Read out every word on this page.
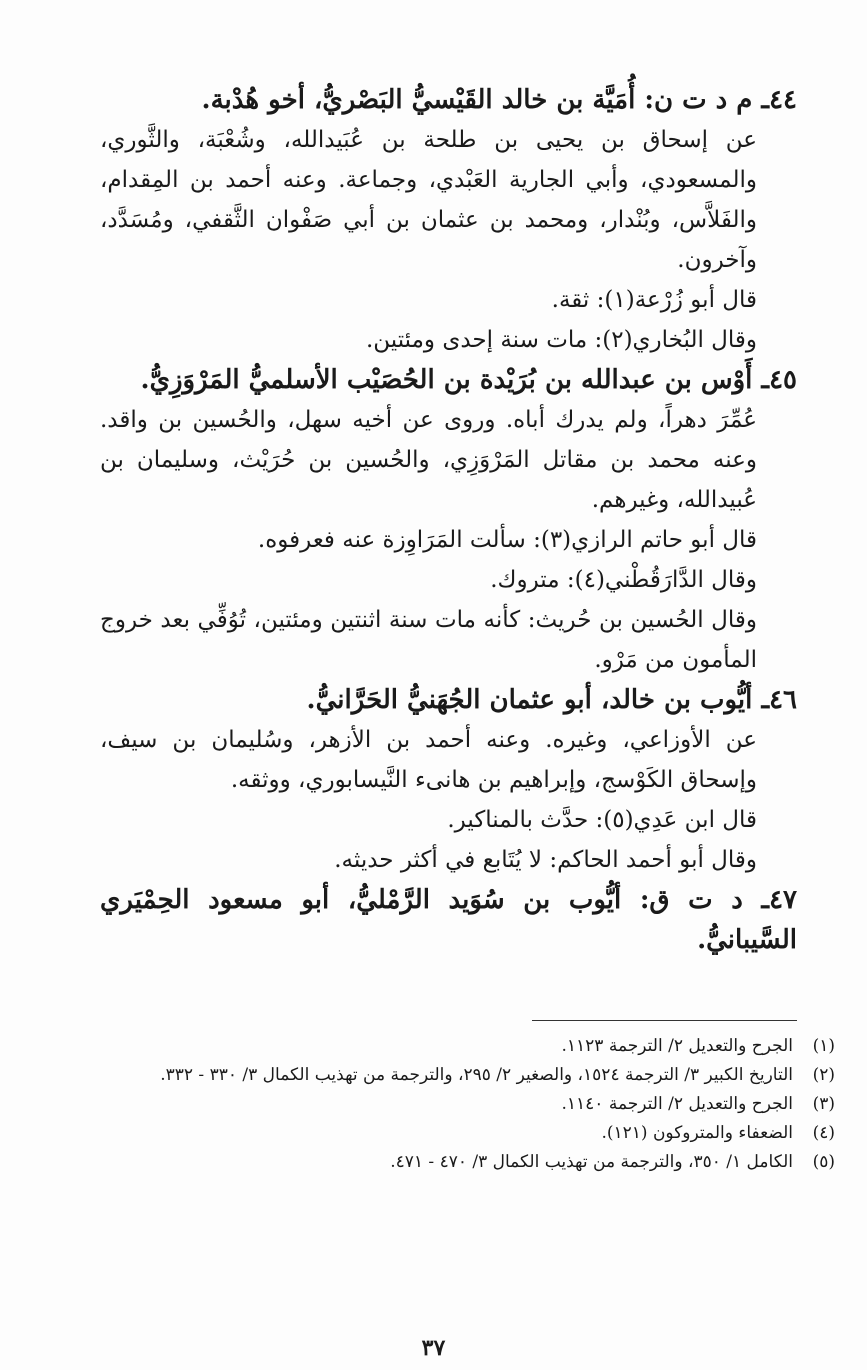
٤٤ـ م د ت ن: أُمَيَّة بن خالد القَيْسيُّ البَصْريُّ، أخو هُدْبة.

عن إسحاق بن يحيى بن طلحة بن عُبَيدالله، وشُعْبَة، والثَّوري، والمسعودي، وأبي الجارية العَبْدي، وجماعة. وعنه أحمد بن المِقدام، والفَلاَّس، وبُنْدار، ومحمد بن عثمان بن أبي صَفْوان الثَّقفي، ومُسَدَّد، وآخرون.

قال أبو زُرْعة(١): ثقة.

وقال البُخاري(٢): مات سنة إحدى ومئتين.

٤٥ـ أَوْس بن عبدالله بن بُرَيْدة بن الحُصَيْب الأسلميُّ المَرْوَزِيُّ.

عُمِّرَ دهراً، ولم يدرك أباه. وروى عن أخيه سهل، والحُسين بن واقد. وعنه محمد بن مقاتل المَرْوَزِي، والحُسين بن حُرَيْث، وسليمان بن عُبيدالله، وغيرهم.

قال أبو حاتم الرازي(٣): سألت المَرَاوِزة عنه فعرفوه.

وقال الدَّارَقُطْني(٤): متروك.

وقال الحُسين بن حُريث: كأنه مات سنة اثنتين ومئتين، تُوُفِّي بعد خروج المأمون من مَرْو.

٤٦ـ أيُّوب بن خالد، أبو عثمان الجُهَنيُّ الحَرَّانيُّ.

عن الأوزاعي، وغيره. وعنه أحمد بن الأزهر، وسُليمان بن سيف، وإسحاق الكَوْسج، وإبراهيم بن هانىء النَّيسابوري، ووثقه.

قال ابن عَدِي(٥): حدَّث بالمناكير.

وقال أبو أحمد الحاكم: لا يُتَابع في أكثر حديثه.

٤٧ـ د ت ق: أيُّوب بن سُوَيد الرَّمْليُّ، أبو مسعود الحِمْيَري السَّيبانيُّ.
(١)
الجرح والتعديل ٢/ الترجمة ١١٢٣.
(٢)
التاريخ الكبير ٣/ الترجمة ١٥٢٤، والصغير ٢/ ٢٩٥، والترجمة من تهذيب الكمال ٣/ ٣٣٠ - ٣٣٢.
(٣)
الجرح والتعديل ٢/ الترجمة ١١٤٠.
(٤)
الضعفاء والمتروكون (١٢١).
(٥)
الكامل ١/ ٣٥٠، والترجمة من تهذيب الكمال ٣/ ٤٧٠ - ٤٧١.
٣٧
